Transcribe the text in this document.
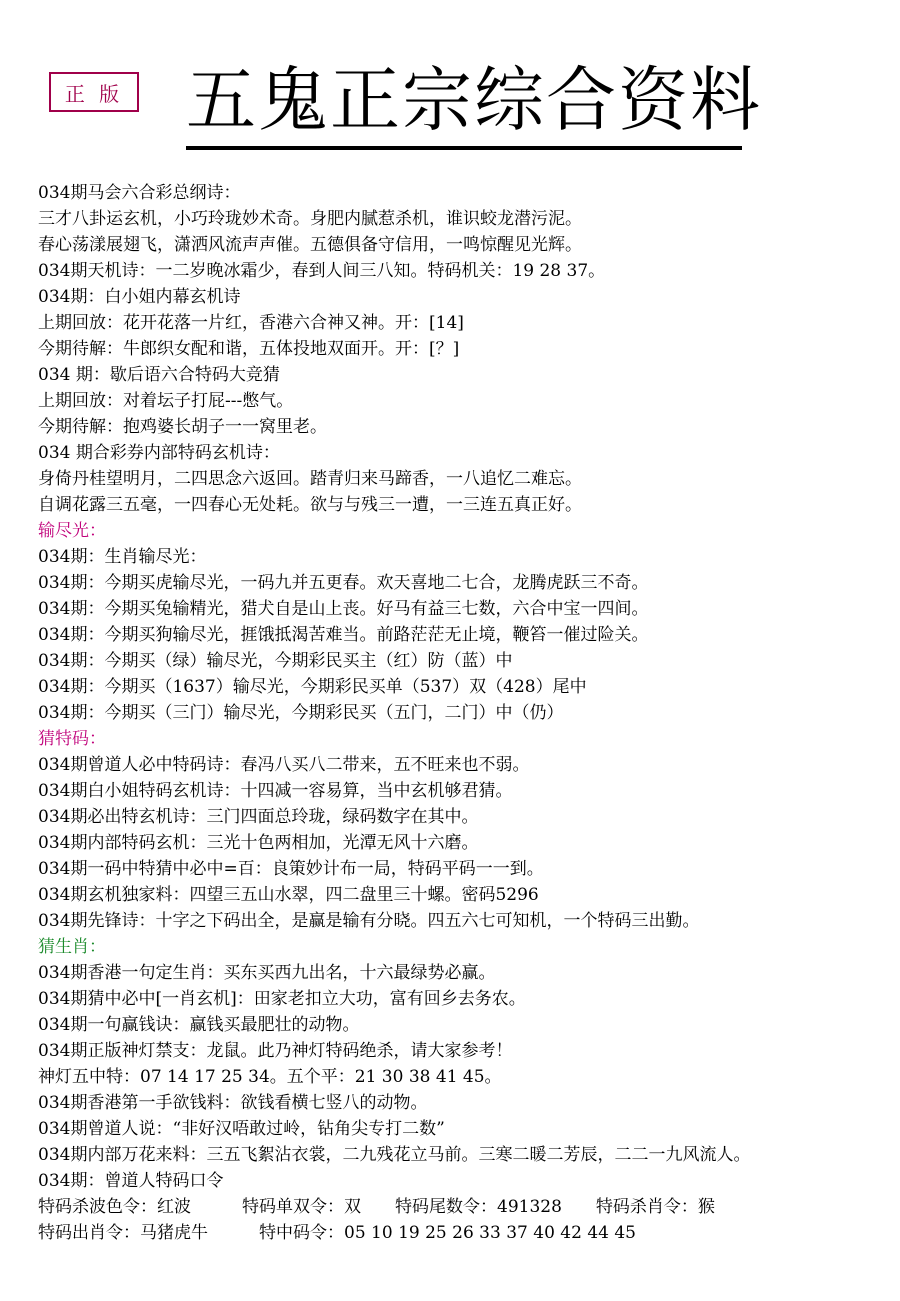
正 版 五鬼正宗综合资料
034期马会六合彩总纲诗：
三才八卦运玄机，小巧玲珑妙术奇。身肥内腻惹杀机，谁识蛟龙潜污泥。
春心荡漾展翅飞，潇洒风流声声催。五德俱备守信用，一鸣惊醒见光辉。
034期天机诗：一二岁晚冰霜少，春到人间三八知。特码机关：19 28 37。
034期：白小姐内幕玄机诗
上期回放：花开花落一片红，香港六合神又神。开：[14]
今期待解：牛郎织女配和谐，五体投地双面开。开：[？]
034 期：歇后语六合特码大竞猜
上期回放：对着坛子打屁---憋气。
今期待解：抱鸡婆长胡子一一窝里老。
034 期合彩券内部特码玄机诗：
身倚丹桂望明月，二四思念六返回。踏青归来马蹄香，一八追忆二难忘。
自调花露三五毫，一四春心无处耗。欲与与残三一遭，一三连五真正好。
输尽光：
034期：生肖输尽光：
034期：今期买虎输尽光，一码九并五更春。欢天喜地二七合，龙腾虎跃三不奇。
034期：今期买兔输精光，猎犬自是山上丧。好马有益三七数，六合中宝一四间。
034期：今期买狗输尽光，捱饿抵渴苦难当。前路茫茫无止境，鞭笞一催过险关。
034期：今期买（绿）输尽光，今期彩民买主（红）防（蓝）中
034期：今期买（1637）输尽光，今期彩民买单（537）双（428）尾中
034期：今期买（三门）输尽光，今期彩民买（五门，二门）中（仍）
猜特码：
034期曾道人必中特码诗：春冯八买八二带来，五不旺来也不弱。
034期白小姐特码玄机诗：十四减一容易算，当中玄机够君猜。
034期必出特玄机诗：三门四面总玲珑，绿码数字在其中。
034期内部特码玄机：三光十色两相加，光潭无风十六磨。
034期一码中特猜中必中=百：良策妙计布一局，特码平码一一到。
034期玄机独家料：四望三五山水翠，四二盘里三十螺。密码5296
034期先锋诗：十字之下码出全，是赢是输有分晓。四五六七可知机，一个特码三出勤。
猜生肖：
034期香港一句定生肖：买东买西九出名，十六最绿势必赢。
034期猜中必中[一肖玄机]：田家老扣立大功，富有回乡去务农。
034期一句赢钱诀：赢钱买最肥壮的动物。
034期正版神灯禁支：龙鼠。此乃神灯特码绝杀，请大家参考！
神灯五中特：07 14 17 25 34。五个平：21 30 38 41 45。
034期香港第一手欲钱料：欲钱看横七竖八的动物。
034期曾道人说：“非好汉唔敢过岭，钻角尖专打二数”
034期内部万花来料：三五飞絮沾衣裳，二九残花立马前。三寒二暖二芳辰，二二一九风流人。
034期：曾道人特码口令
特码杀波色令：红波　　　特码单双令：双　　特码尾数令：491328　　特码杀肖令：猴
特码出肖令：马猪虎牛　　　特中码令：05 10 19 25 26 33 37 40 42 44 45
